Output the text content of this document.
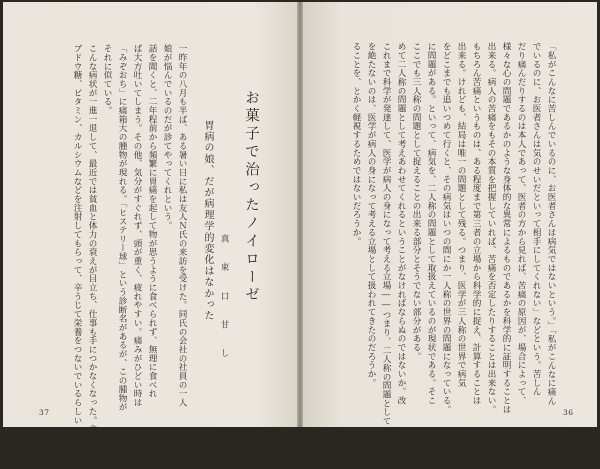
一昨年の八月も半ば、ある暑い日に私は友人Ｎ氏の来訪を受けた。同氏の会社の社員の一人
娘が悩んでいるのだが診てやってくれという。
話を聞くと、二年程前から頻繁に胃痛を起して物が思うように食べられず、無理に食べれ
ば大方吐いてしまう。その他、気分がすぐれず、頭が重く、疲れやすい。痛みがひどい時は
「みぞおち」に痛箱大の腫物が現れる。「ヒステリー球」という診断名があるが、この腫物が
それに似ている。
こんな病状が一進一退して、最近では貧血と体力の衰えが目立ち、仕事も手につかなくなった。主治医から
ブドウ糖、ビタミン、カルシウムなどを注射してもらって、辛うじて栄養をつないでいるらしい	胃病の娘、だが病理学的変化はなかった 真 束 口 甘 し お菓子で治ったノイローゼ	「私がこんなに苦しんでいるのに、お医者さんは病気ではないという。」「私がこんなに痛ん
でいるのに、お医者さんは気のせいだといって相手にしてくれない」などという。苦しん
だり痛んだりするのは本人であって、医者の方から見れば、苦痛の原因が、場合によって、
様々な心の問題であるかのような身体的な異常によるものであるかを科学的に証明することは
出来る。病人の苦痛をもその本質を把握していれば、苦痛を否定したりすることは出来ない。
もちろん苦痛というものは、ある程度まで第三者の立場から科学的に捉え、計算することは
出来る。けれども、結局は唯一の問題として残る。つまり、医学が三人称の世界で病気
をどこまでも追いつめて行くと、その病気はいつの間にか一人称の世界の問題になっている。
に問題がある。といって、病気を、二人称の問題として取扱えているのが現状である。そこ
ここでも三人称の問題として捉えることの出来る部分とそうでない部分がある。
めて二人称の問題として考えあわせてくれるということがなければならぬのではないか。改
これまで科学が発達して、医学が病人の身になって考える立場――つまり、二人称の問題として
を絶たないのは、医学が病人の身になって考える立場として扱われてきたのだろうか。
ることを、とかく軽視するためではないだろうか。
37	36
